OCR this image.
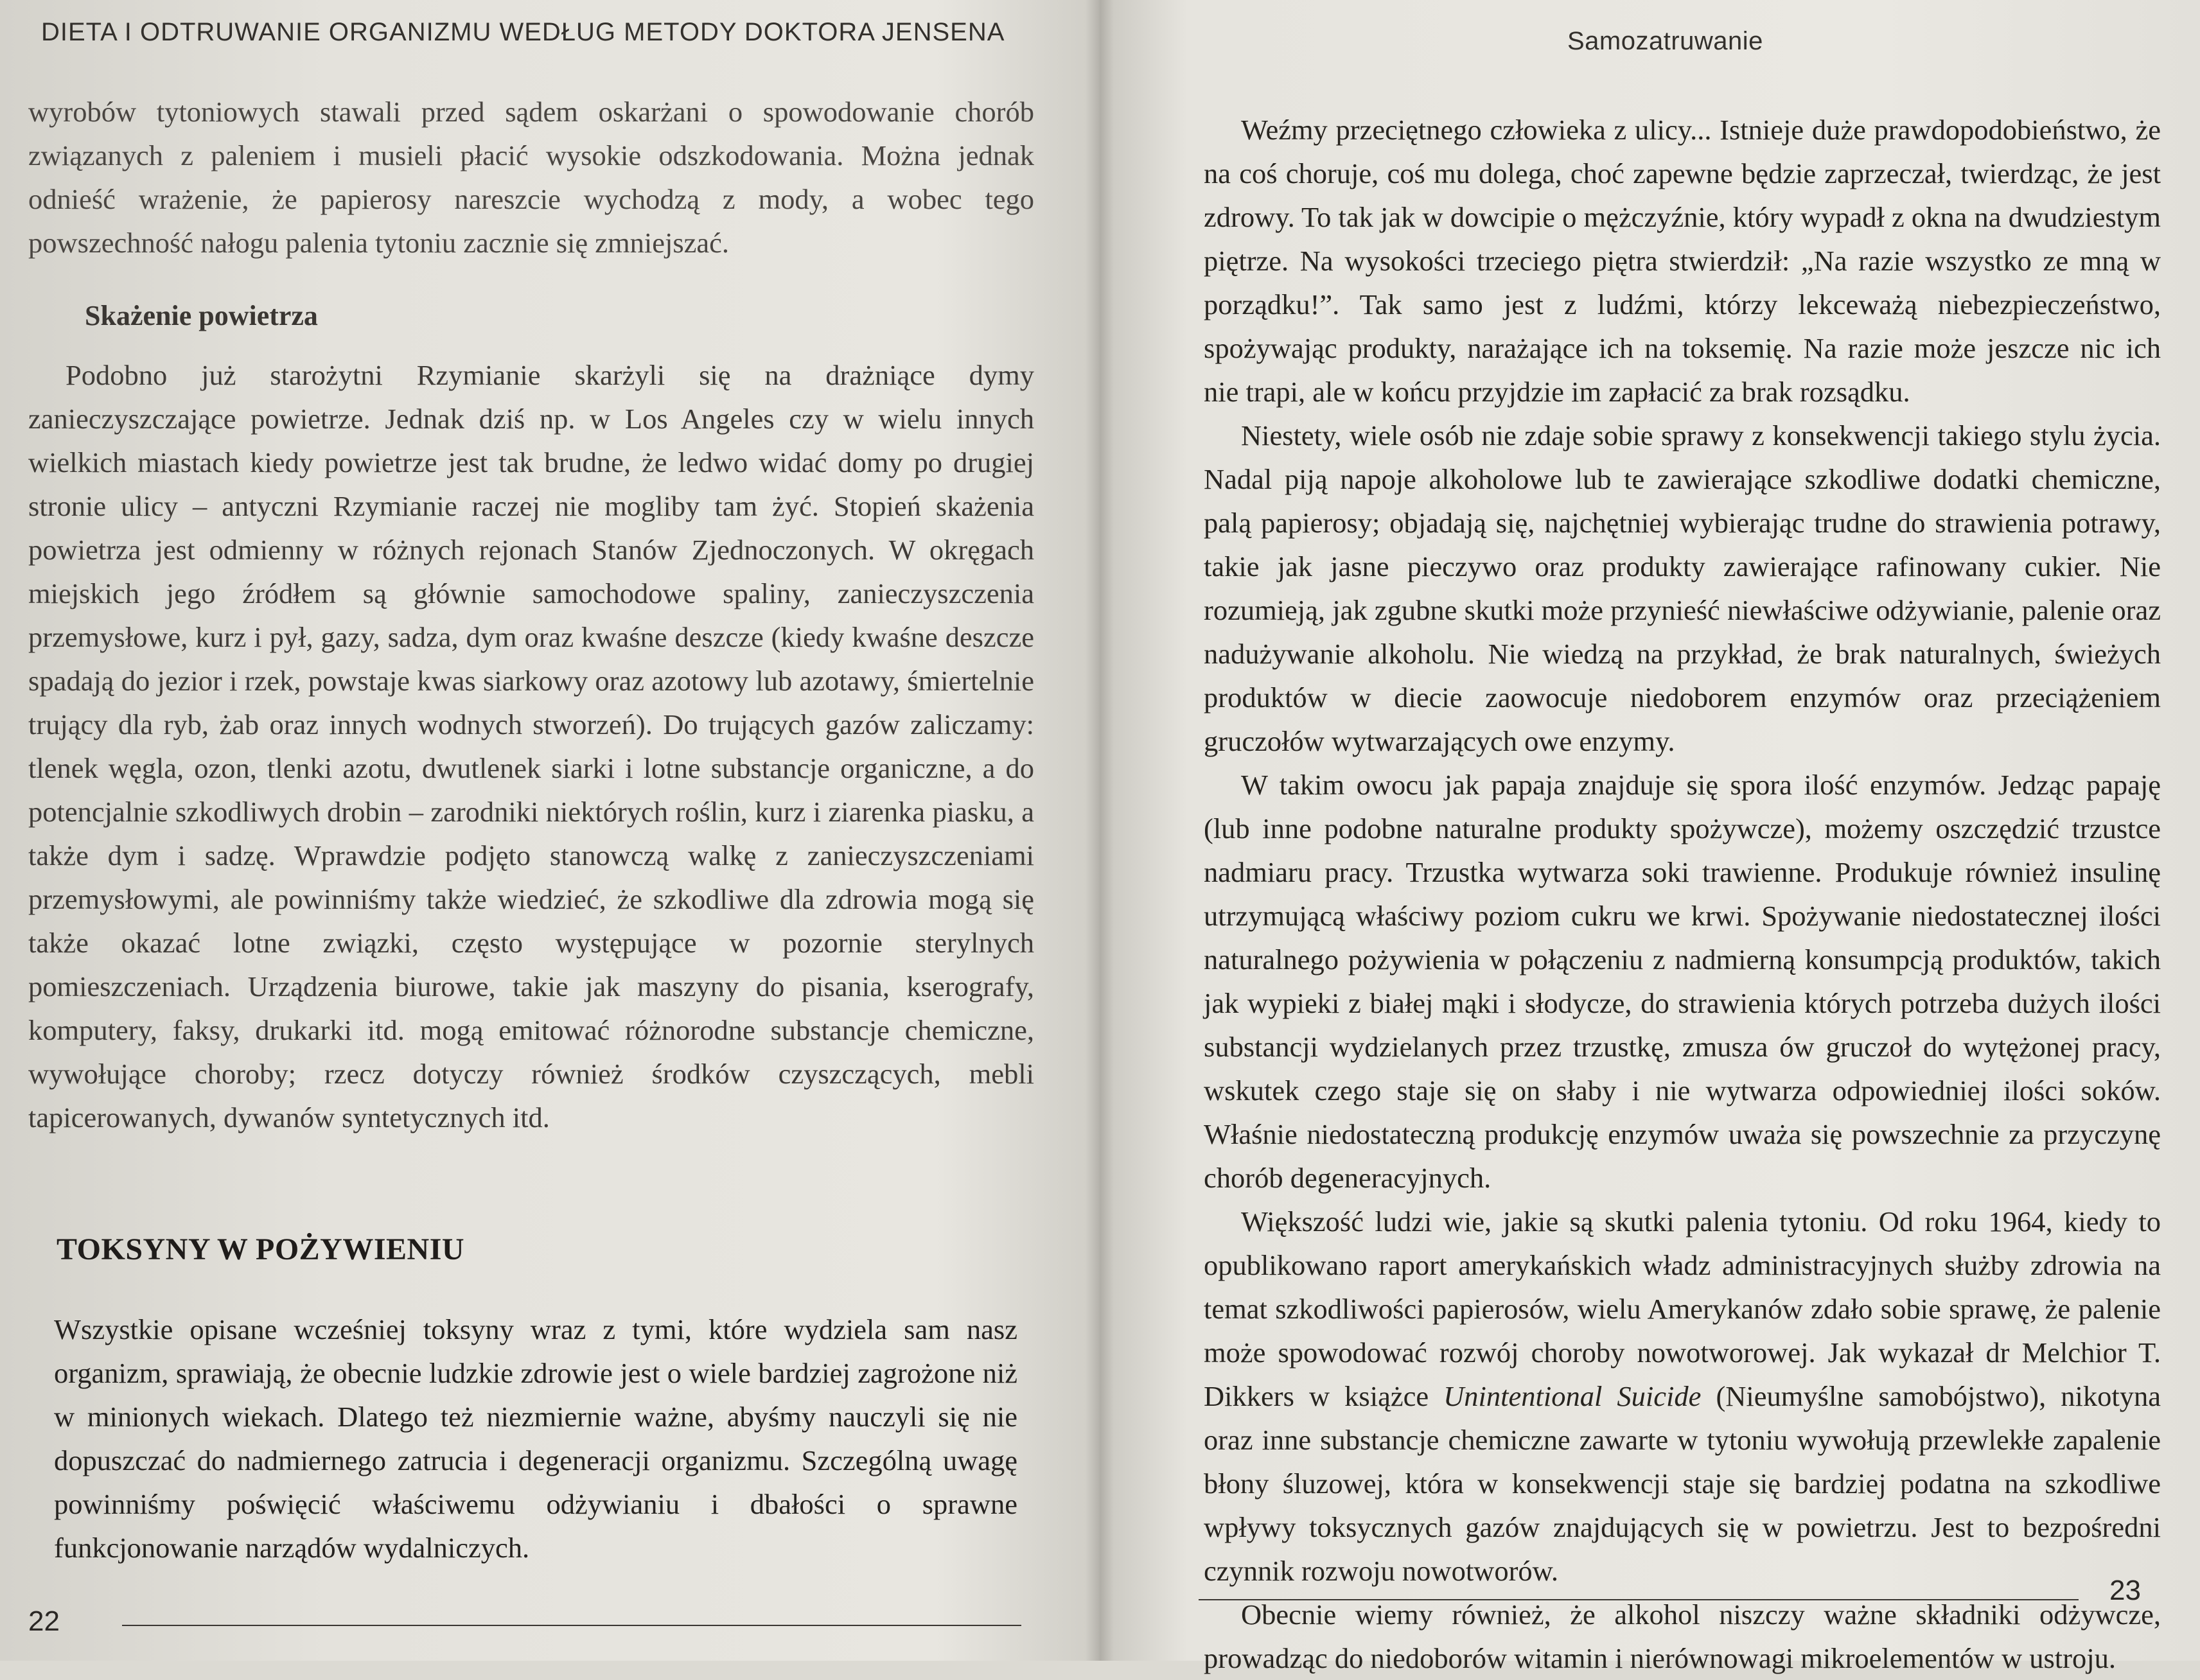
DIETA I ODTRUWANIE ORGANIZMU WEDŁUG METODY DOKTORA JENSENA

wyrobów tytoniowych stawali przed sądem oskarżani o spowodowanie chorób związanych z paleniem i musieli płacić wysokie odszkodowania. Można jednak odnieść wrażenie, że papierosy nareszcie wychodzą z mody, a wobec tego powszechność nałogu palenia tytoniu zacznie się zmniejszać.

Skażenie powietrza

Podobno już starożytni Rzymianie skarżyli się na drażniące dymy zanieczyszczające powietrze. Jednak dziś np. w Los Angeles czy w wielu innych wielkich miastach kiedy powietrze jest tak brudne, że ledwo widać domy po drugiej stronie ulicy – antyczni Rzymianie raczej nie mogliby tam żyć. Stopień skażenia powietrza jest odmienny w różnych rejonach Stanów Zjednoczonych. W okręgach miejskich jego źródłem są głównie samochodowe spaliny, zanieczyszczenia przemysłowe, kurz i pył, gazy, sadza, dym oraz kwaśne deszcze (kiedy kwaśne deszcze spadają do jezior i rzek, powstaje kwas siarkowy oraz azotowy lub azotawy, śmiertelnie trujący dla ryb, żab oraz innych wodnych stworzeń). Do trujących gazów zaliczamy: tlenek węgla, ozon, tlenki azotu, dwutlenek siarki i lotne substancje organiczne, a do potencjalnie szkodliwych drobin – zarodniki niektórych roślin, kurz i ziarenka piasku, a także dym i sadzę. Wprawdzie podjęto stanowczą walkę z zanieczyszczeniami przemysłowymi, ale powinniśmy także wiedzieć, że szkodliwe dla zdrowia mogą się także okazać lotne związki, często występujące w pozornie sterylnych pomieszczeniach. Urządzenia biurowe, takie jak maszyny do pisania, kserografy, komputery, faksy, drukarki itd. mogą emitować różnorodne substancje chemiczne, wywołujące choroby; rzecz dotyczy również środków czyszczących, mebli tapicerowanych, dywanów syntetycznych itd.

TOKSYNY W POŻYWIENIU

Wszystkie opisane wcześniej toksyny wraz z tymi, które wydziela sam nasz organizm, sprawiają, że obecnie ludzkie zdrowie jest o wiele bardziej zagrożone niż w minionych wiekach. Dlatego też niezmiernie ważne, abyśmy nauczyli się nie dopuszczać do nadmiernego zatrucia i degeneracji organizmu. Szczególną uwagę powinniśmy poświęcić właściwemu odżywianiu i dbałości o sprawne funkcjonowanie narządów wydalniczych.

22
Samozatruwanie

Weźmy przeciętnego człowieka z ulicy... Istnieje duże prawdopodobieństwo, że na coś choruje, coś mu dolega, choć zapewne będzie zaprzeczał, twierdząc, że jest zdrowy. To tak jak w dowcipie o mężczyźnie, który wypadł z okna na dwudziestym piętrze. Na wysokości trzeciego piętra stwierdził: „Na razie wszystko ze mną w porządku!”. Tak samo jest z ludźmi, którzy lekceważą niebezpieczeństwo, spożywając produkty, narażające ich na toksemię. Na razie może jeszcze nic ich nie trapi, ale w końcu przyjdzie im zapłacić za brak rozsądku.

Niestety, wiele osób nie zdaje sobie sprawy z konsekwencji takiego stylu życia. Nadal piją napoje alkoholowe lub te zawierające szkodliwe dodatki chemiczne, palą papierosy; objadają się, najchętniej wybierając trudne do strawienia potrawy, takie jak jasne pieczywo oraz produkty zawierające rafinowany cukier. Nie rozumieją, jak zgubne skutki może przynieść niewłaściwe odżywianie, palenie oraz nadużywanie alkoholu. Nie wiedzą na przykład, że brak naturalnych, świeżych produktów w diecie zaowocuje niedoborem enzymów oraz przeciążeniem gruczołów wytwarzających owe enzymy.

W takim owocu jak papaja znajduje się spora ilość enzymów. Jedząc papaję (lub inne podobne naturalne produkty spożywcze), możemy oszczędzić trzustce nadmiaru pracy. Trzustka wytwarza soki trawienne. Produkuje również insulinę utrzymującą właściwy poziom cukru we krwi. Spożywanie niedostatecznej ilości naturalnego pożywienia w połączeniu z nadmierną konsumpcją produktów, takich jak wypieki z białej mąki i słodycze, do strawienia których potrzeba dużych ilości substancji wydzielanych przez trzustkę, zmusza ów gruczoł do wytężonej pracy, wskutek czego staje się on słaby i nie wytwarza odpowiedniej ilości soków. Właśnie niedostateczną produkcję enzymów uważa się powszechnie za przyczynę chorób degeneracyjnych.

Większość ludzi wie, jakie są skutki palenia tytoniu. Od roku 1964, kiedy to opublikowano raport amerykańskich władz administracyjnych służby zdrowia na temat szkodliwości papierosów, wielu Amerykanów zdało sobie sprawę, że palenie może spowodować rozwój choroby nowotworowej. Jak wykazał dr Melchior T. Dikkers w książce Unintentional Suicide (Nieumyślne samobójstwo), nikotyna oraz inne substancje chemiczne zawarte w tytoniu wywołują przewlekłe zapalenie błony śluzowej, która w konsekwencji staje się bardziej podatna na szkodliwe wpływy toksycznych gazów znajdujących się w powietrzu. Jest to bezpośredni czynnik rozwoju nowotworów.

Obecnie wiemy również, że alkohol niszczy ważne składniki odżywcze, prowadząc do niedoborów witamin i nierównowagi mikroelementów w ustroju.

23
